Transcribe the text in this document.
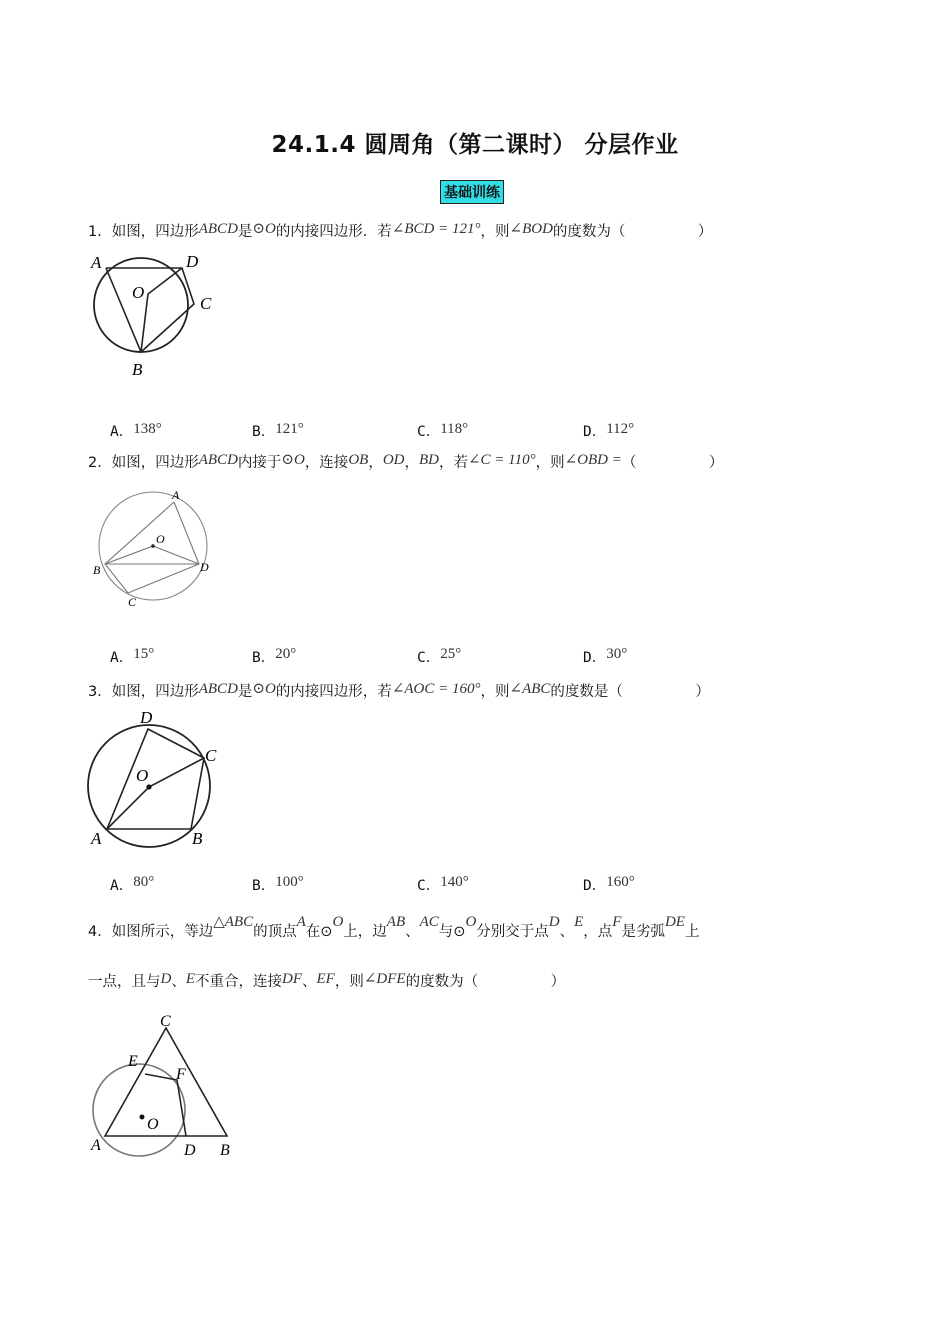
24.1.4 圆周角（第二课时） 分层作业
基础训练
1．如图，四边形ABCD是⊙O的内接四边形．若∠BCD = 121°，则∠BOD的度数为（　　　　　）
A	D
C
O
B
A．138°	B．121°	C．118°	D．112°
2．如图，四边形ABCD内接于⊙O，连接OB，OD，BD，若∠C = 110°，则∠OBD =（　　　　　）
A
O
B	D
C
A．15°	B．20°	C．25°	D．30°
3．如图，四边形ABCD是⊙O的内接四边形，若∠AOC = 160°，则∠ABC的度数是（　　　　　）
D
C
O
A	B
A．80°	B．100°	C．140°	D．160°
4．如图所示，等边△ABC的顶点A在⊙O上，边AB、AC与⊙O分别交于点D、E，点F是劣弧DE上
一点，且与D、E不重合，连接DF、EF，则∠DFE的度数为（　　　　　）
C
E
F
O
A	D B
